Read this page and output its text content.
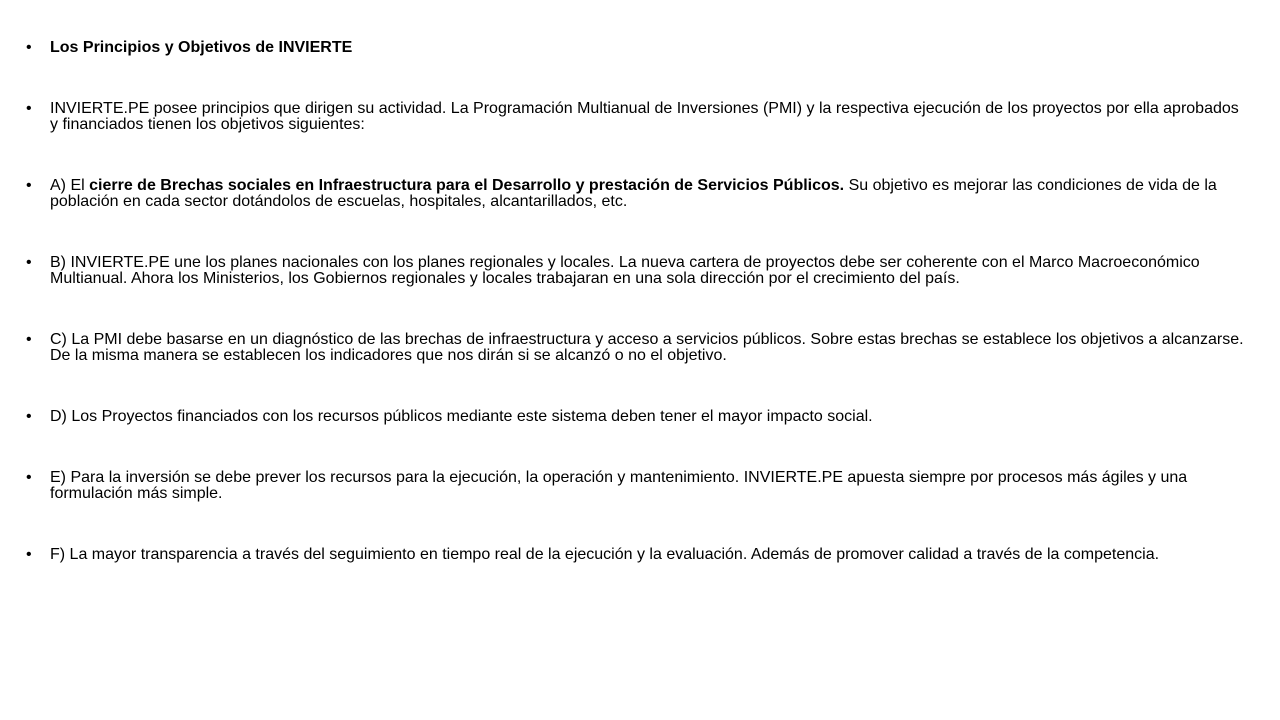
• Los Principios y Objetivos de INVIERTE
• INVIERTE.PE posee principios que dirigen su actividad. La Programación Multianual de Inversiones (PMI) y la respectiva ejecución de los proyectos por ella aprobados y financiados tienen los objetivos siguientes:
• A) El cierre de Brechas sociales en Infraestructura para el Desarrollo y prestación de Servicios Públicos. Su objetivo es mejorar las condiciones de vida de la población en cada sector dotándolos de escuelas, hospitales, alcantarillados, etc.
• B) INVIERTE.PE une los planes nacionales con los planes regionales y locales. La nueva cartera de proyectos debe ser coherente con el Marco Macroeconómico Multianual. Ahora los Ministerios, los Gobiernos regionales y locales trabajaran en una sola dirección por el crecimiento del país.
• C) La PMI debe basarse en un diagnóstico de las brechas de infraestructura y acceso a servicios públicos. Sobre estas brechas se establece los objetivos a alcanzarse. De la misma manera se establecen los indicadores que nos dirán si se alcanzó o no el objetivo.
• D) Los Proyectos financiados con los recursos públicos mediante este sistema deben tener el mayor impacto social.
• E) Para la inversión se debe prever los recursos para la ejecución, la operación y mantenimiento. INVIERTE.PE apuesta siempre por procesos más ágiles y una formulación más simple.
• F) La mayor transparencia a través del seguimiento en tiempo real de la ejecución y la evaluación. Además de promover calidad a través de la competencia.
